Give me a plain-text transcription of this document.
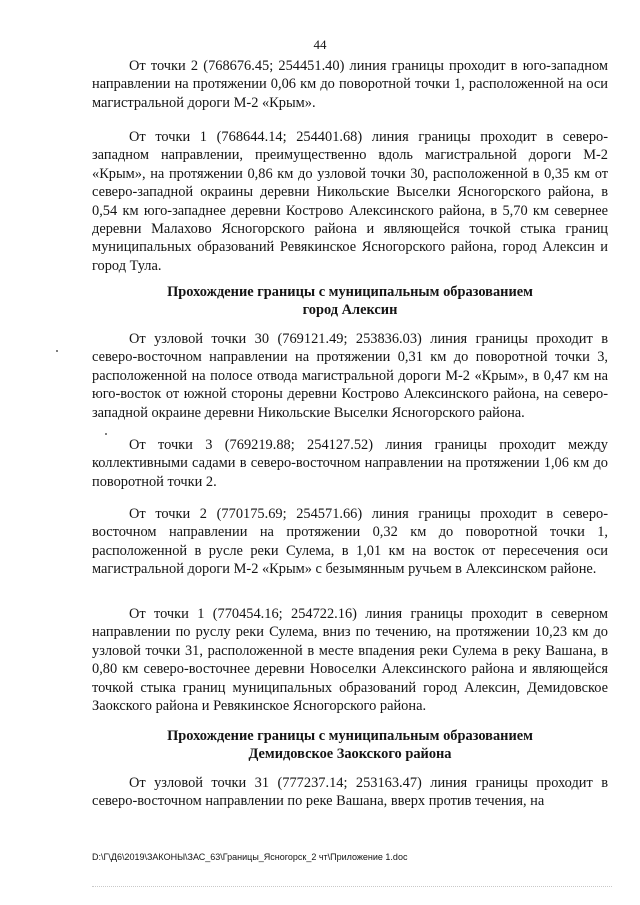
44

От точки 2 (768676.45; 254451.40) линия границы проходит в юго-западном направлении на протяжении 0,06 км до поворотной точки 1, расположенной на оси магистральной дороги М-2 «Крым».

От точки 1 (768644.14; 254401.68) линия границы проходит в северо-западном направлении, преимущественно вдоль магистральной дороги М-2 «Крым», на протяжении 0,86 км до узловой точки 30, расположенной в 0,35 км от северо-западной окраины деревни Никольские Выселки Ясногорского района, в 0,54 км юго-западнее деревни Кострово Алексинского района, в 5,70 км севернее деревни Малахово Ясногорского района и являющейся точкой стыка границ муниципальных образований Ревякинское Ясногорского района, город Алексин и город Тула.

Прохождение границы с муниципальным образованием
город Алексин

От узловой точки 30 (769121.49; 253836.03) линия границы проходит в северо-восточном направлении на протяжении 0,31 км до поворотной точки 3, расположенной на полосе отвода магистральной дороги М-2 «Крым», в 0,47 км на юго-восток от южной стороны деревни Кострово Алексинского района, на северо-западной окраине деревни Никольские Выселки Ясногорского района.

От точки 3 (769219.88; 254127.52) линия границы проходит между коллективными садами в северо-восточном направлении на протяжении 1,06 км до поворотной точки 2.

От точки 2 (770175.69; 254571.66) линия границы проходит в северо-восточном направлении на протяжении 0,32 км до поворотной точки 1, расположенной в русле реки Сулема, в 1,01 км на восток от пересечения оси магистральной дороги М-2 «Крым» с безымянным ручьем в Алексинском районе.

От точки 1 (770454.16; 254722.16) линия границы проходит в северном направлении по руслу реки Сулема, вниз по течению, на протяжении 10,23 км до узловой точки 31, расположенной в месте впадения реки Сулема в реку Вашана, в 0,80 км северо-восточнее деревни Новоселки Алексинского района и являющейся точкой стыка границ муниципальных образований город Алексин, Демидовское Заокского района и Ревякинское Ясногорского района.

Прохождение границы с муниципальным образованием
Демидовское Заокского района

От узловой точки 31 (777237.14; 253163.47) линия границы проходит в северо-восточном направлении по реке Вашана, вверх против течения, на

D:\Г\Д6\2019\ЗАКОНЫ\ЗАС_63\Границы_Ясногорск_2 чт\Приложение 1.doc
